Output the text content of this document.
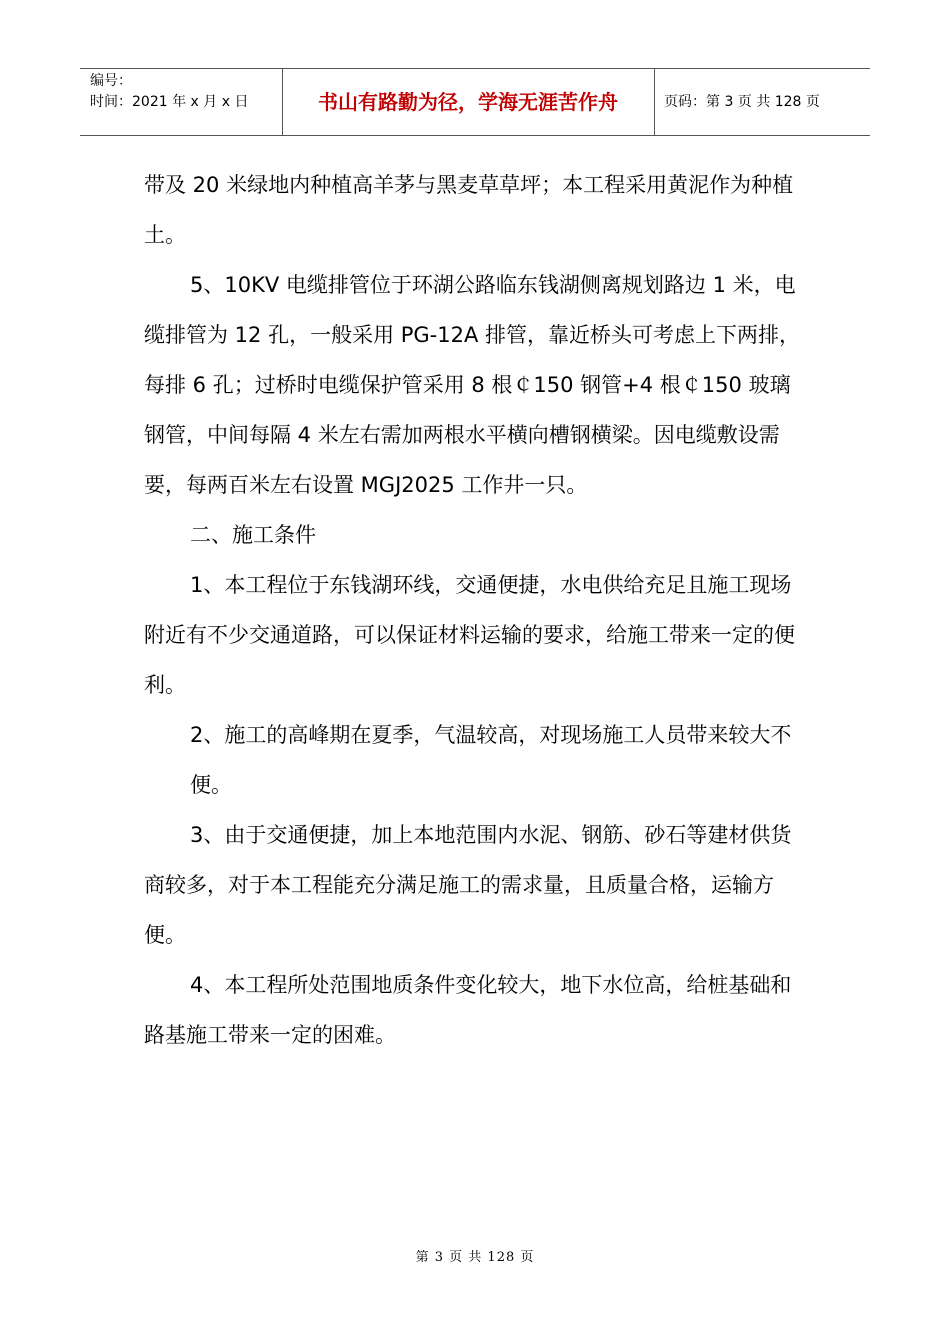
编号：
时间：2021 年 x 月 x 日	书山有路勤为径，学海无涯苦作舟	页码：第 3 页 共 128 页

带及 20 米绿地内种植高羊茅与黑麦草草坪；本工程采用黄泥作为种植土。

5、10KV 电缆排管位于环湖公路临东钱湖侧离规划路边 1 米，电缆排管为 12 孔，一般采用 PG-12A 排管，靠近桥头可考虑上下两排，每排 6 孔；过桥时电缆保护管采用 8 根￠150 钢管+4 根￠150 玻璃钢管，中间每隔 4 米左右需加两根水平横向槽钢横梁。因电缆敷设需要，每两百米左右设置 MGJ2025 工作井一只。

二、施工条件

1、本工程位于东钱湖环线，交通便捷，水电供给充足且施工现场附近有不少交通道路，可以保证材料运输的要求，给施工带来一定的便利。

2、施工的高峰期在夏季，气温较高，对现场施工人员带来较大不便。

3、由于交通便捷，加上本地范围内水泥、钢筋、砂石等建材供货商较多，对于本工程能充分满足施工的需求量，且质量合格，运输方便。

4、本工程所处范围地质条件变化较大，地下水位高，给桩基础和路基施工带来一定的困难。

第 3 页 共 128 页
